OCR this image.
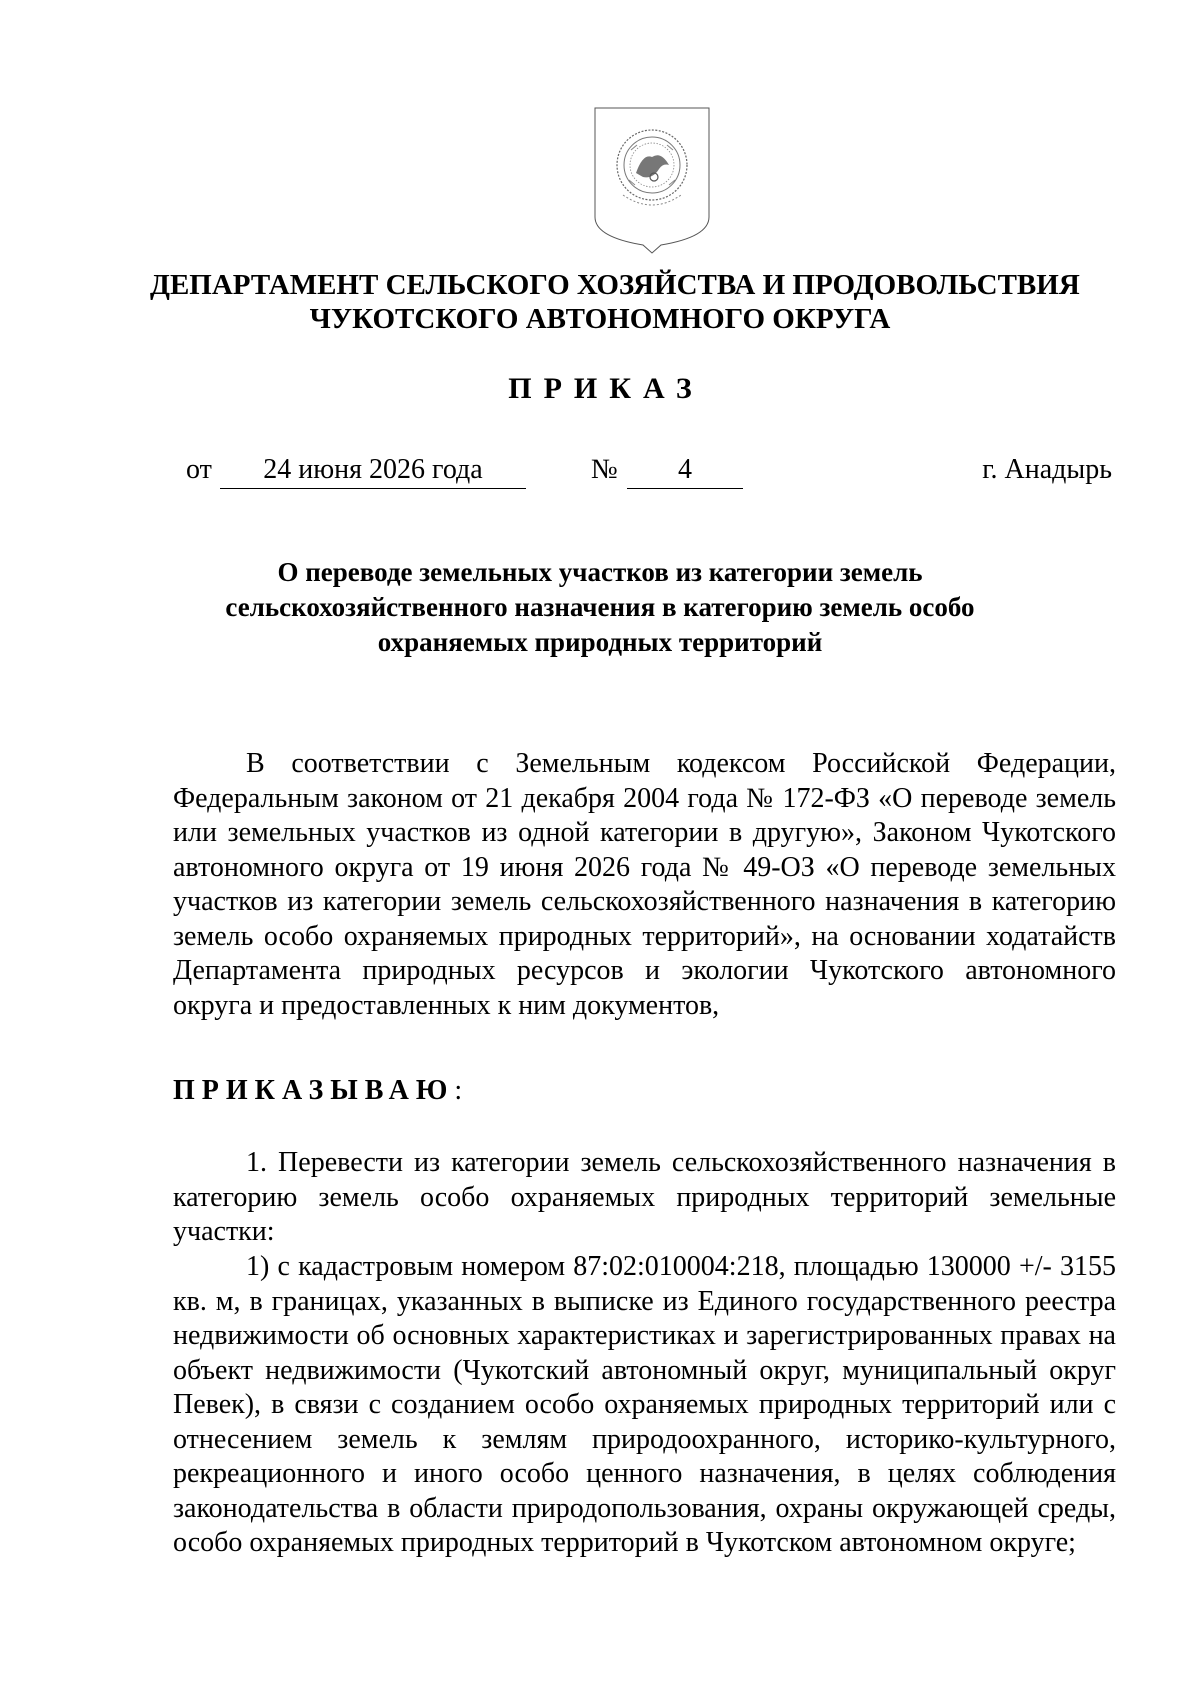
ДЕПАРТАМЕНТ СЕЛЬСКОГО ХОЗЯЙСТВА И ПРОДОВОЛЬСТВИЯ
ЧУКОТСКОГО АВТОНОМНОГО ОКРУГА
ПРИКАЗ
от	24 июня 2026 года	№	4	г. Анадырь
О переводе земельных участков из категории земель сельскохозяйственного назначения в категорию земель особо охраняемых природных территорий
В соответствии с Земельным кодексом Российской Федерации, Федеральным законом от 21 декабря 2004 года № 172-ФЗ «О переводе земель или земельных участков из одной категории в другую», Законом Чукотского автономного округа от 19 июня 2026 года № 49-ОЗ «О переводе земельных участков из категории земель сельскохозяйственного назначения в категорию земель особо охраняемых природных территорий», на основании ходатайств Департамента природных ресурсов и экологии Чукотского автономного округа и предоставленных к ним документов,
ПРИКАЗЫВАЮ:
1. Перевести из категории земель сельскохозяйственного назначения в категорию земель особо охраняемых природных территорий земельные участки:
1) с кадастровым номером 87:02:010004:218, площадью 130000 +/- 3155 кв. м, в границах, указанных в выписке из Единого государственного реестра недвижимости об основных характеристиках и зарегистрированных правах на объект недвижимости (Чукотский автономный округ, муниципальный округ Певек), в связи с созданием особо охраняемых природных территорий или с отнесением земель к землям природоохранного, историко-культурного, рекреационного и иного особо ценного назначения, в целях соблюдения законодательства в области природопользования, охраны окружающей среды, особо охраняемых природных территорий в Чукотском автономном округе;
